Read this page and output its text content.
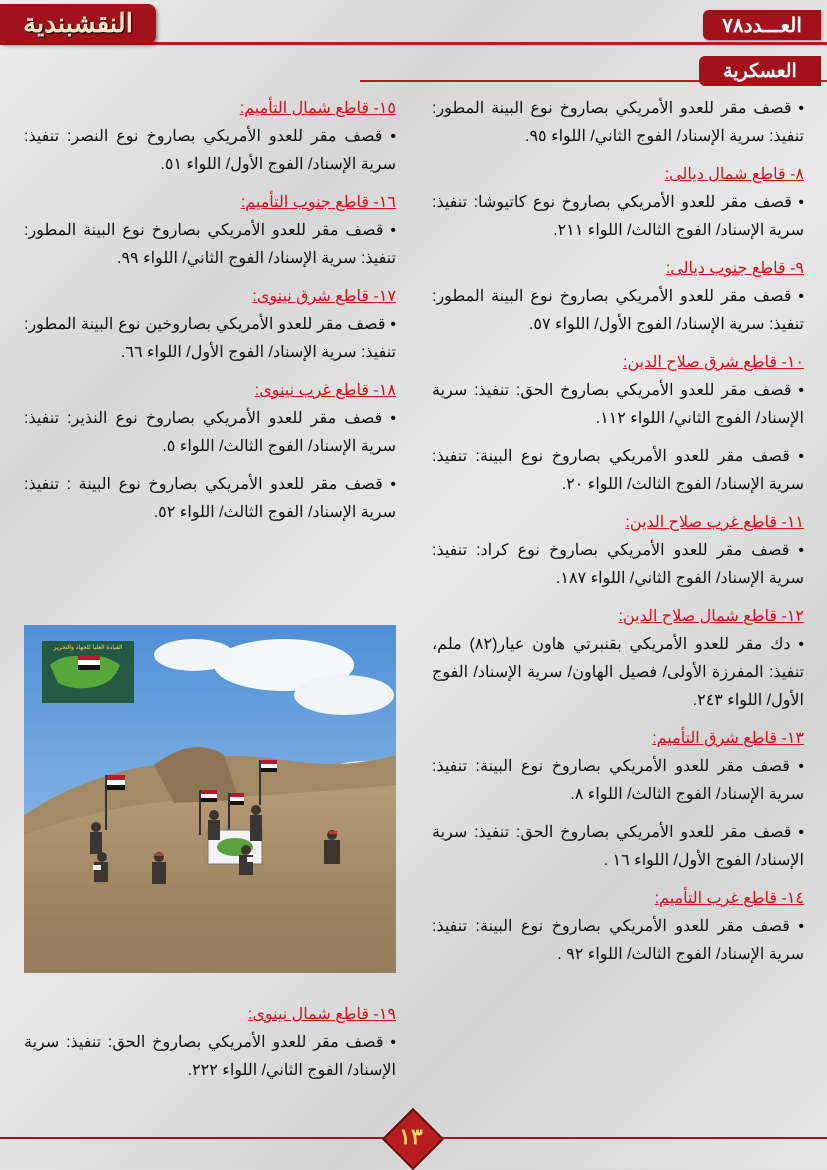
النقشبندية	العـــدد٧٨
العسكرية

• قصف مقر للعدو الأمريكي بصاروخ نوع البينة المطور: تنفيذ: سرية الإسناد/ الفوج الثاني/ اللواء ٩٥.

٨- قاطع شمال ديالى:

• قصف مقر للعدو الأمريكي بصاروخ نوع كاتيوشا: تنفيذ: سرية الإسناد/ الفوج الثالث/ اللواء ٢١١.

٩- قاطع جنوب ديالى:

• قصف مقر للعدو الأمريكي بصاروخ نوع البينة المطور: تنفيذ: سرية الإسناد/ الفوج الأول/ اللواء ٥٧.

١٠- قاطع شرق صلاح الدين:

• قصف مقر للعدو الأمريكي بصاروخ الحق: تنفيذ: سرية الإسناد/ الفوج الثاني/ اللواء ١١٢.

• قصف مقر للعدو الأمريكي بصاروخ نوع البينة: تنفيذ: سرية الإسناد/ الفوج الثالث/ اللواء ٢٠.

١١- قاطع غرب صلاح الدين:

• قصف مقر للعدو الأمريكي بصاروخ نوع كراد: تنفيذ: سرية الإسناد/ الفوج الثاني/ اللواء ١٨٧.

١٢- قاطع شمال صلاح الدين:

• دك مقر للعدو الأمريكي بقنبرتي هاون عيار(٨٢) ملم، تنفيذ: المفرزة الأولى/ فصيل الهاون/ سرية الإسناد/ الفوج الأول/ اللواء ٢٤٣.

١٣- قاطع شرق التأميم:

• قصف مقر للعدو الأمريكي بصاروخ نوع البينة: تنفيذ: سرية الإسناد/ الفوج الثالث/ اللواء ٨.

• قصف مقر للعدو الأمريكي بصاروخ الحق: تنفيذ: سرية الإسناد/ الفوج الأول/ اللواء ١٦ .

١٤- قاطع غرب التأميم:

• قصف مقر للعدو الأمريكي بصاروخ نوع البينة: تنفيذ: سرية الإسناد/ الفوج الثالث/ اللواء ٩٢ .

١٥- قاطع شمال التأميم:

• قصف مقر للعدو الأمريكي بصاروخ نوع النصر: تنفيذ: سرية الإسناد/ الفوج الأول/ اللواء ٥١.

١٦- قاطع جنوب التأميم:

• قصف مقر للعدو الأمريكي بصاروخ نوع البينة المطور: تنفيذ: سرية الإسناد/ الفوج الثاني/ اللواء ٩٩.

١٧- قاطع شرق نينوى:

• قصف مقر للعدو الأمريكي بصاروخين نوع البينة المطور: تنفيذ: سرية الإسناد/ الفوج الأول/ اللواء ٦٦.

١٨- قاطع غرب نينوى:

• قصف مقر للعدو الأمريكي بصاروخ نوع النذير: تنفيذ: سرية الإسناد/ الفوج الثالث/ اللواء ٥.

• قصف مقر للعدو الأمريكي بصاروخ نوع البينة : تنفيذ: سرية الإسناد/ الفوج الثالث/ اللواء ٥٢.

القيادة العليا للجهاد والتحرير

١٩- قاطع شمال نينوى:

• قصف مقر للعدو الأمريكي بصاروخ الحق: تنفيذ: سرية الإسناد/ الفوج الثاني/ اللواء ٢٢٢.

١٣
